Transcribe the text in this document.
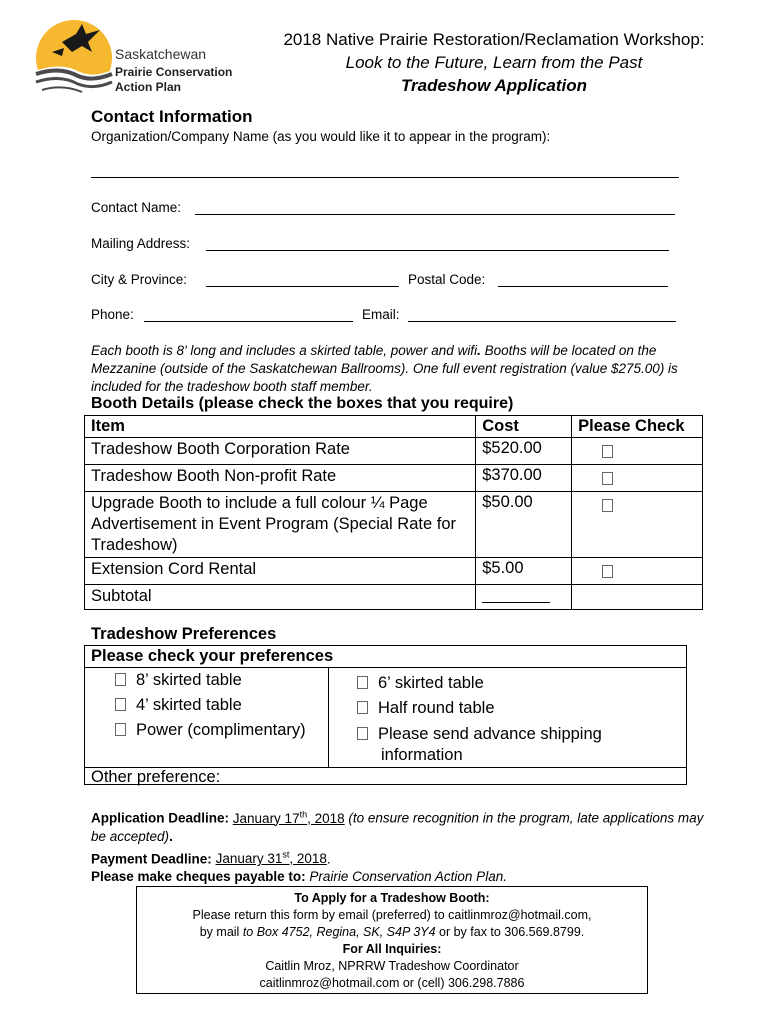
Saskatchewan
Prairie Conservation
Action Plan
2018 Native Prairie Restoration/Reclamation Workshop:
Look to the Future, Learn from the Past
Tradeshow Application
Contact Information
Organization/Company Name (as you would like it to appear in the program):
Contact Name:
Mailing Address:
City & Province:	Postal Code:
Phone:	Email:
Each booth is 8' long and includes a skirted table, power and wifi. Booths will be located on the Mezzanine (outside of the Saskatchewan Ballrooms). One full event registration (value $275.00) is included for the tradeshow booth staff member.
Booth Details (please check the boxes that you require)
Item	Cost	Please Check
Tradeshow Booth Corporation Rate	$520.00	
Tradeshow Booth Non-profit Rate	$370.00	
Upgrade Booth to include a full colour ¼ Page Advertisement in Event Program (Special Rate for Tradeshow)	$50.00	
Extension Cord Rental	$5.00	
Subtotal		
Tradeshow Preferences
Please check your preferences
8’ skirted table
4’ skirted table
Power (complimentary)
6’ skirted table
Half round table
Please send advance shipping
information
Other preference:
Application Deadline: January 17th, 2018 (to ensure recognition in the program, late applications may be accepted).
Payment Deadline: January 31st, 2018.
Please make cheques payable to: Prairie Conservation Action Plan.
To Apply for a Tradeshow Booth:
Please return this form by email (preferred) to caitlinmroz@hotmail.com,
by mail to Box 4752, Regina, SK, S4P 3Y4 or by fax to 306.569.8799.
For All Inquiries:
Caitlin Mroz, NPRRW Tradeshow Coordinator
caitlinmroz@hotmail.com or (cell) 306.298.7886
